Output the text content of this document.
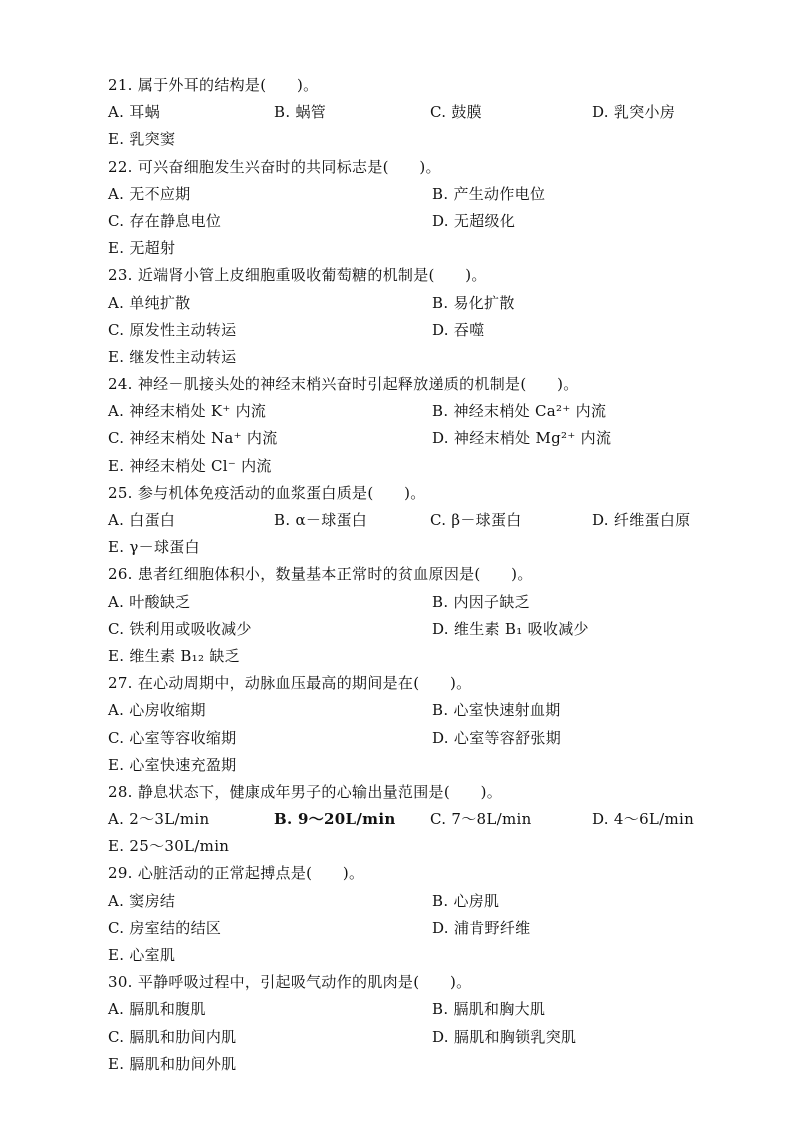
21. 属于外耳的结构是(　　)。
A. 耳蜗	B. 蜗管	C. 鼓膜	D. 乳突小房
E. 乳突窦
22. 可兴奋细胞发生兴奋时的共同标志是(　　)。
A. 无不应期	B. 产生动作电位
C. 存在静息电位	D. 无超级化
E. 无超射
23. 近端肾小管上皮细胞重吸收葡萄糖的机制是(　　)。
A. 单纯扩散	B. 易化扩散
C. 原发性主动转运	D. 吞噬
E. 继发性主动转运
24. 神经－肌接头处的神经末梢兴奋时引起释放递质的机制是(　　)。
A. 神经末梢处 K⁺ 内流	B. 神经末梢处 Ca²⁺ 内流
C. 神经末梢处 Na⁺ 内流	D. 神经末梢处 Mg²⁺ 内流
E. 神经末梢处 Cl⁻ 内流
25. 参与机体免疫活动的血浆蛋白质是(　　)。
A. 白蛋白	B. α－球蛋白	C. β－球蛋白	D. 纤维蛋白原
E. γ－球蛋白
26. 患者红细胞体积小，数量基本正常时的贫血原因是(　　)。
A. 叶酸缺乏	B. 内因子缺乏
C. 铁利用或吸收减少	D. 维生素 B₁ 吸收减少
E. 维生素 B₁₂ 缺乏
27. 在心动周期中，动脉血压最高的期间是在(　　)。
A. 心房收缩期	B. 心室快速射血期
C. 心室等容收缩期	D. 心室等容舒张期
E. 心室快速充盈期
28. 静息状态下，健康成年男子的心输出量范围是(　　)。
A. 2～3L/min	B. 9～20L/min C. 7～8L/min	D. 4～6L/min
E. 25～30L/min
29. 心脏活动的正常起搏点是(　　)。
A. 窦房结	B. 心房肌
C. 房室结的结区	D. 浦肯野纤维
E. 心室肌
30. 平静呼吸过程中，引起吸气动作的肌肉是(　　)。
A. 膈肌和腹肌	B. 膈肌和胸大肌
C. 膈肌和肋间内肌	D. 膈肌和胸锁乳突肌
E. 膈肌和肋间外肌
